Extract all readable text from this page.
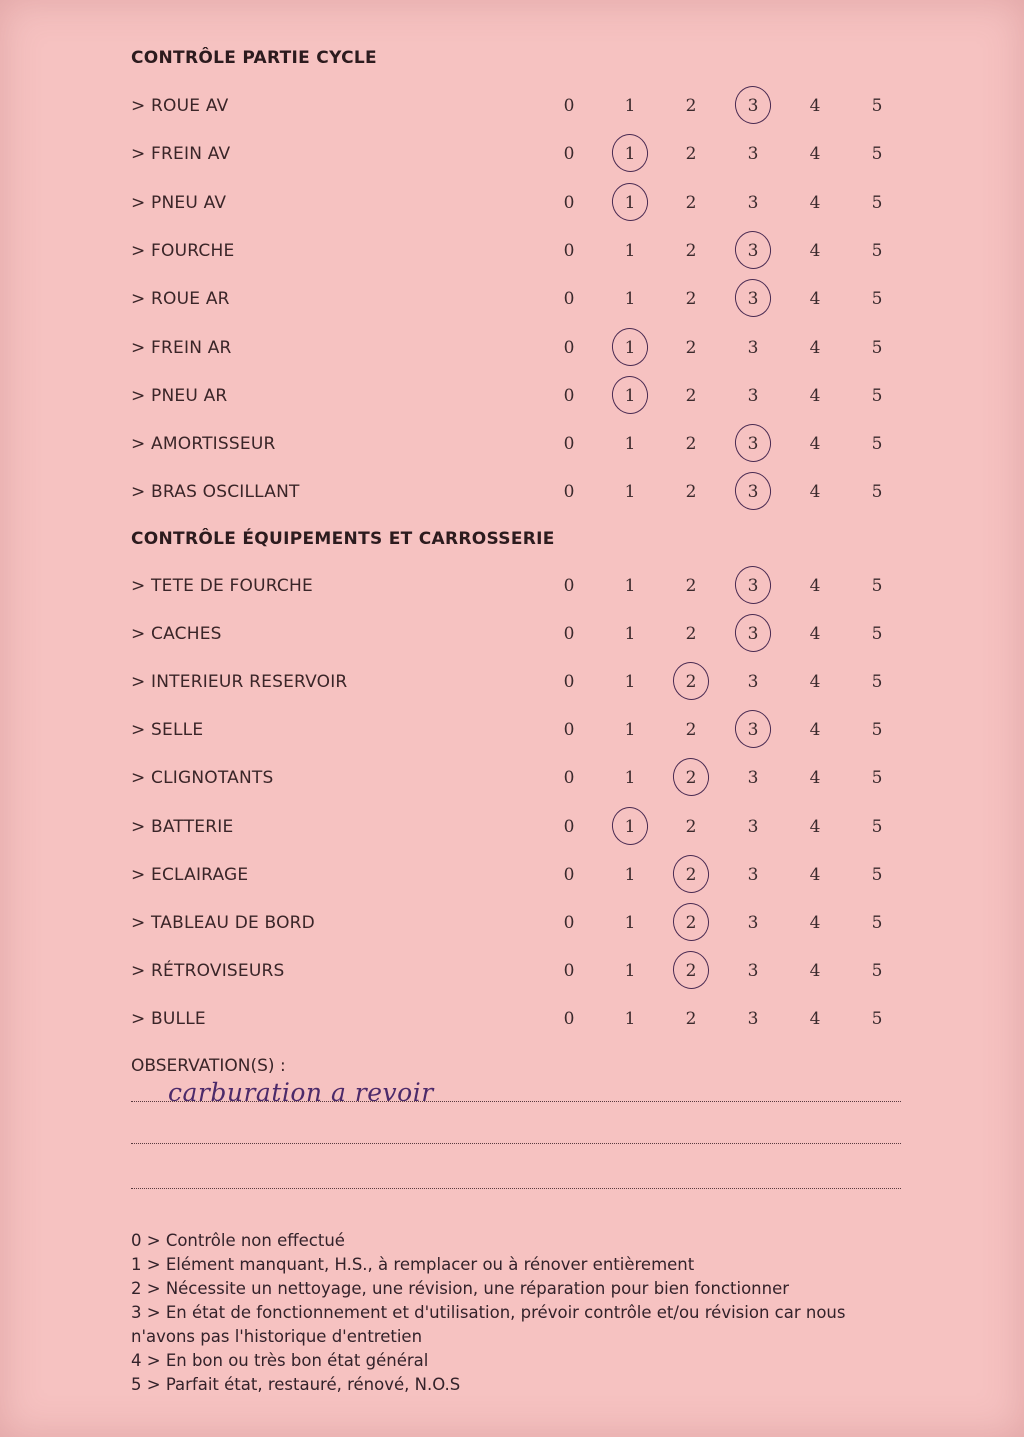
CONTRÔLE PARTIE CYCLE
> ROUE AV	0	1	2	3	4	5
> FREIN AV	0	1	2	3	4	5
> PNEU AV	0	1	2	3	4	5
> FOURCHE	0	1	2	3	4	5
> ROUE AR	0	1	2	3	4	5
> FREIN AR	0	1	2	3	4	5
> PNEU AR	0	1	2	3	4	5
> AMORTISSEUR	0	1	2	3	4	5
> BRAS OSCILLANT	0	1	2	3	4	5
CONTRÔLE ÉQUIPEMENTS ET CARROSSERIE
> TETE DE FOURCHE	0	1	2	3	4	5
> CACHES	0	1	2	3	4	5
> INTERIEUR RESERVOIR	0	1	2	3	4	5
> SELLE	0	1	2	3	4	5
> CLIGNOTANTS	0	1	2	3	4	5
> BATTERIE	0	1	2	3	4	5
> ECLAIRAGE	0	1	2	3	4	5
> TABLEAU DE BORD	0	1	2	3	4	5
> RÉTROVISEURS	0	1	2	3	4	5
> BULLE	0	1	2	3	4	5
OBSERVATION(S) :
carburation a revoir
0 > Contrôle non effectué
1 > Elément manquant, H.S., à remplacer ou à rénover entièrement
2 > Nécessite un nettoyage, une révision, une réparation pour bien fonctionner
3 > En état de fonctionnement et d'utilisation, prévoir contrôle et/ou révision car nous
n'avons pas l'historique d'entretien
4 > En bon ou très bon état général
5 > Parfait état, restauré, rénové, N.O.S
